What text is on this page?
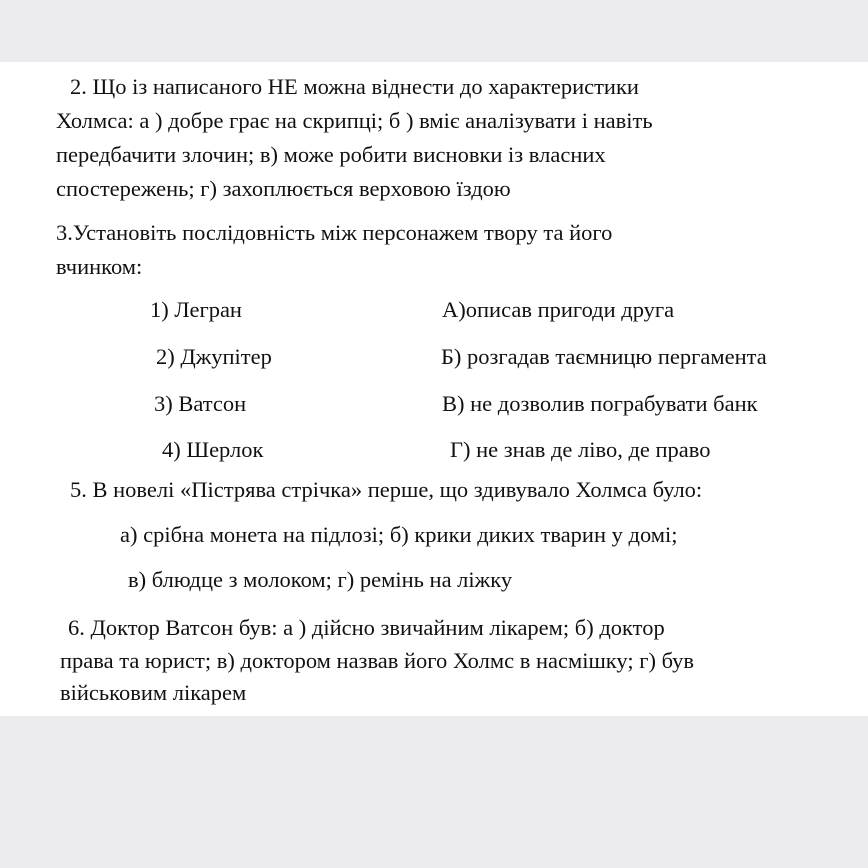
2. Що із написаного НЕ можна віднести до характеристики
Холмса: а ) добре грає на скрипці; б ) вміє аналізувати і навіть
передбачити злочин; в) може робити висновки із власних
спостережень; г) захоплюється верховою їздою
3.Установіть послідовність між персонажем твору та його
вчинком:
1) Легран
2) Джупітер
3) Ватсон
4) Шерлок
А)описав пригоди друга
Б) розгадав таємницю пергамента
В) не дозволив пограбувати банк
Г) не знав де ліво, де право
5. В новелі «Пістрява стрічка» перше, що здивувало Холмса було:
а) срібна монета на підлозі; б) крики диких тварин у домі;
в) блюдце з молоком; г) ремінь на ліжку
6. Доктор Ватсон був: а ) дійсно звичайним лікарем; б) доктор
права та юрист; в) доктором назвав його Холмс в насмішку; г) був
військовим лікарем
